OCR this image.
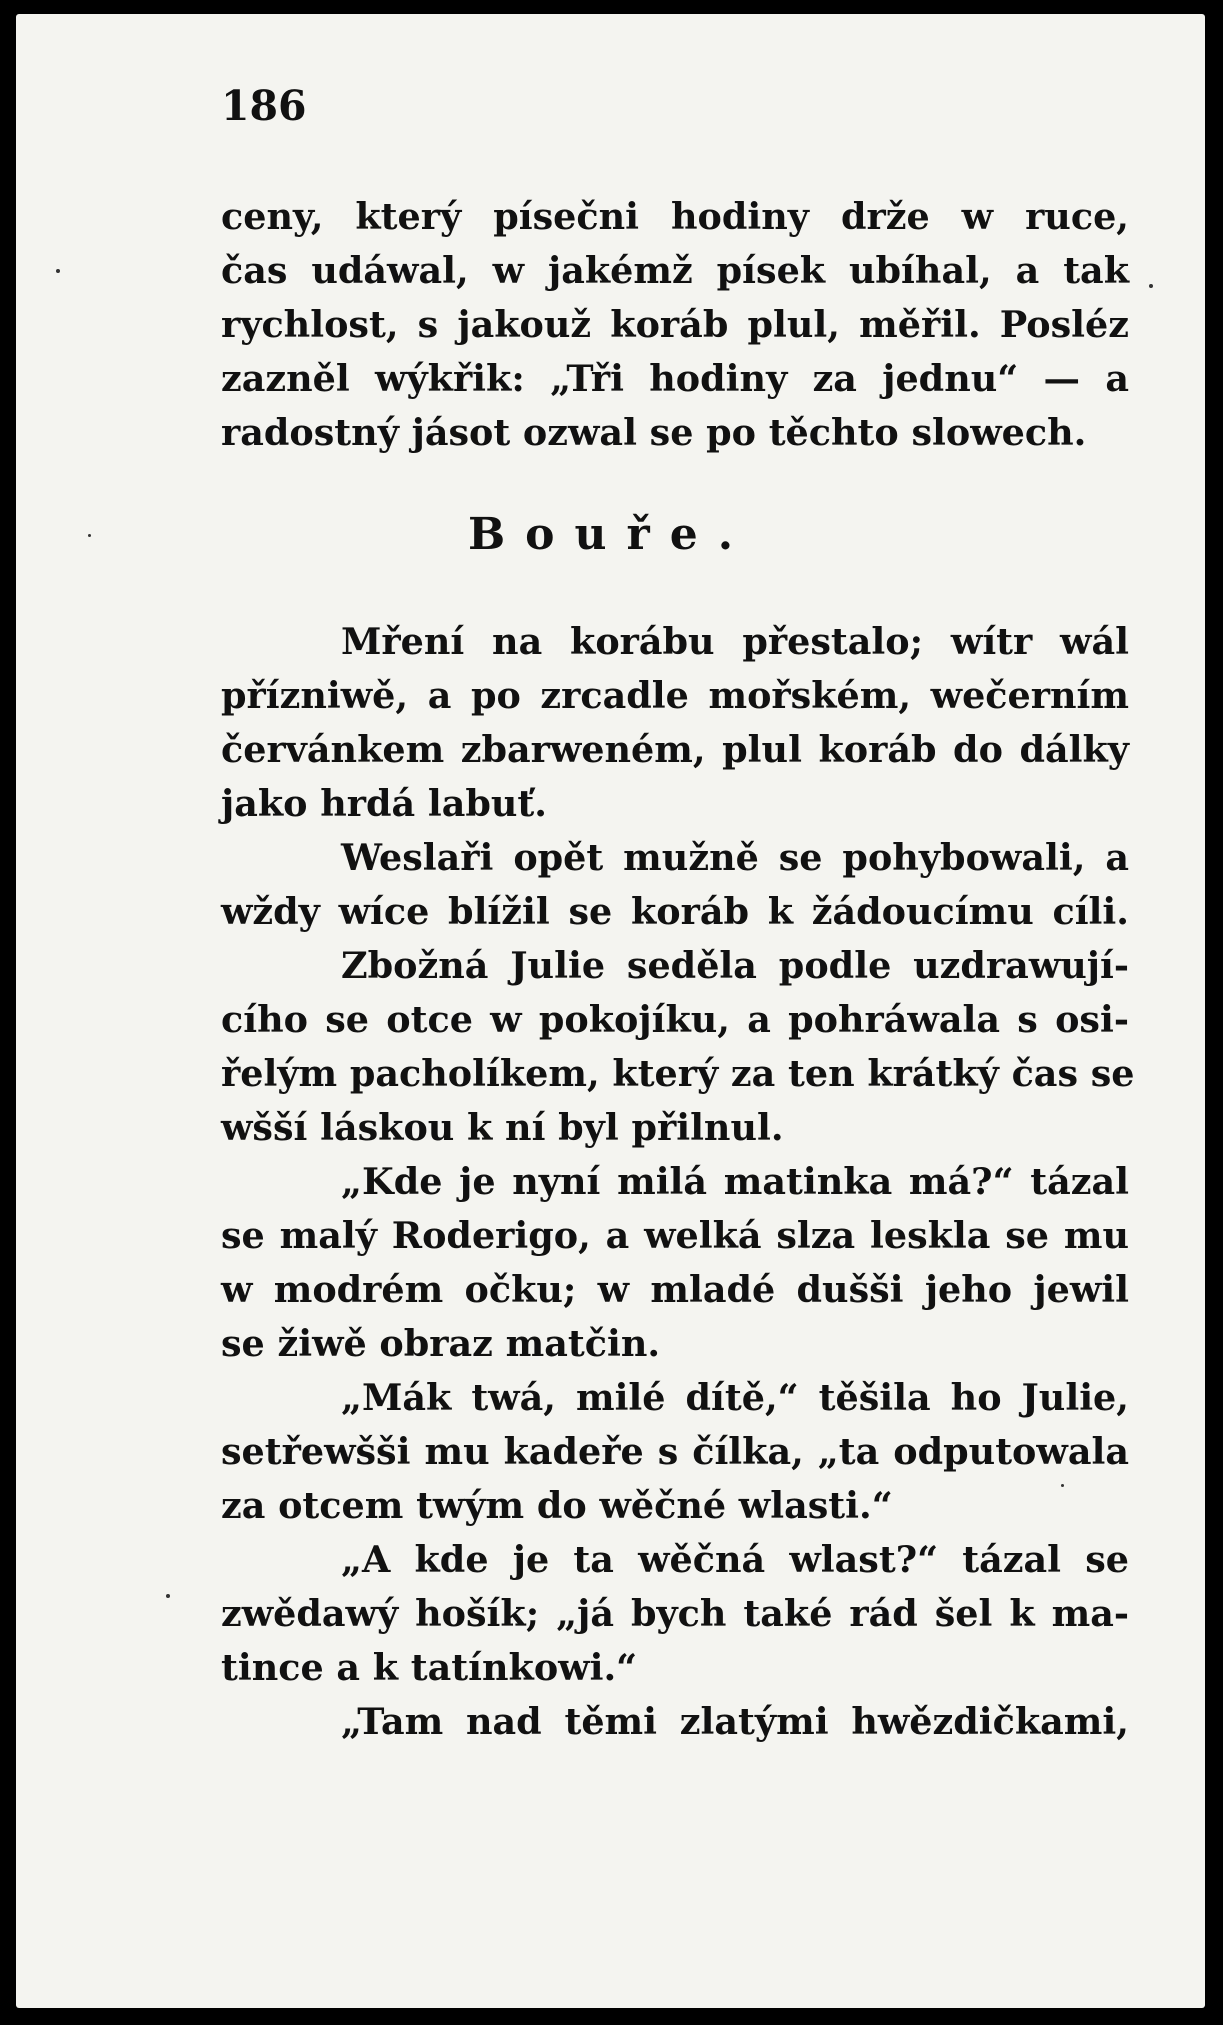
186
ceny, který písečni hodiny drže w ruce,
čas udáwal, w jakémž písek ubíhal, a tak
rychlost, s jakouž koráb plul, měřil. Posléz
zazněl wýkřik: „Tři hodiny za jednu“ — a
radostný jásot ozwal se po těchto slowech.
Bouře.
Mření na korábu přestalo; wítr wál
přízniwě, a po zrcadle mořském, wečerním
červánkem zbarweném, plul koráb do dálky
jako hrdá labuť.
Weslaři opět mužně se pohybowali, a
wždy wíce blížil se koráb k žádoucímu cíli.
Zbožná Julie seděla podle uzdrawují-
cího se otce w pokojíku, a pohráwala s osi-
řelým pacholíkem, který za ten krátký čas se
wšší láskou k ní byl přilnul.
„Kde je nyní milá matinka má?“ tázal
se malý Roderigo, a welká slza leskla se mu
w modrém očku; w mladé dušši jeho jewil
se žiwě obraz matčin.
„Mák twá, milé dítě,“ těšila ho Julie,
setřewšši mu kadeře s čílka, „ta odputowala
za otcem twým do wěčné wlasti.“
„A kde je ta wěčná wlast?“ tázal se
zwědawý hošík; „já bych také rád šel k ma-
tince a k tatínkowi.“
„Tam nad těmi zlatými hwězdičkami,
